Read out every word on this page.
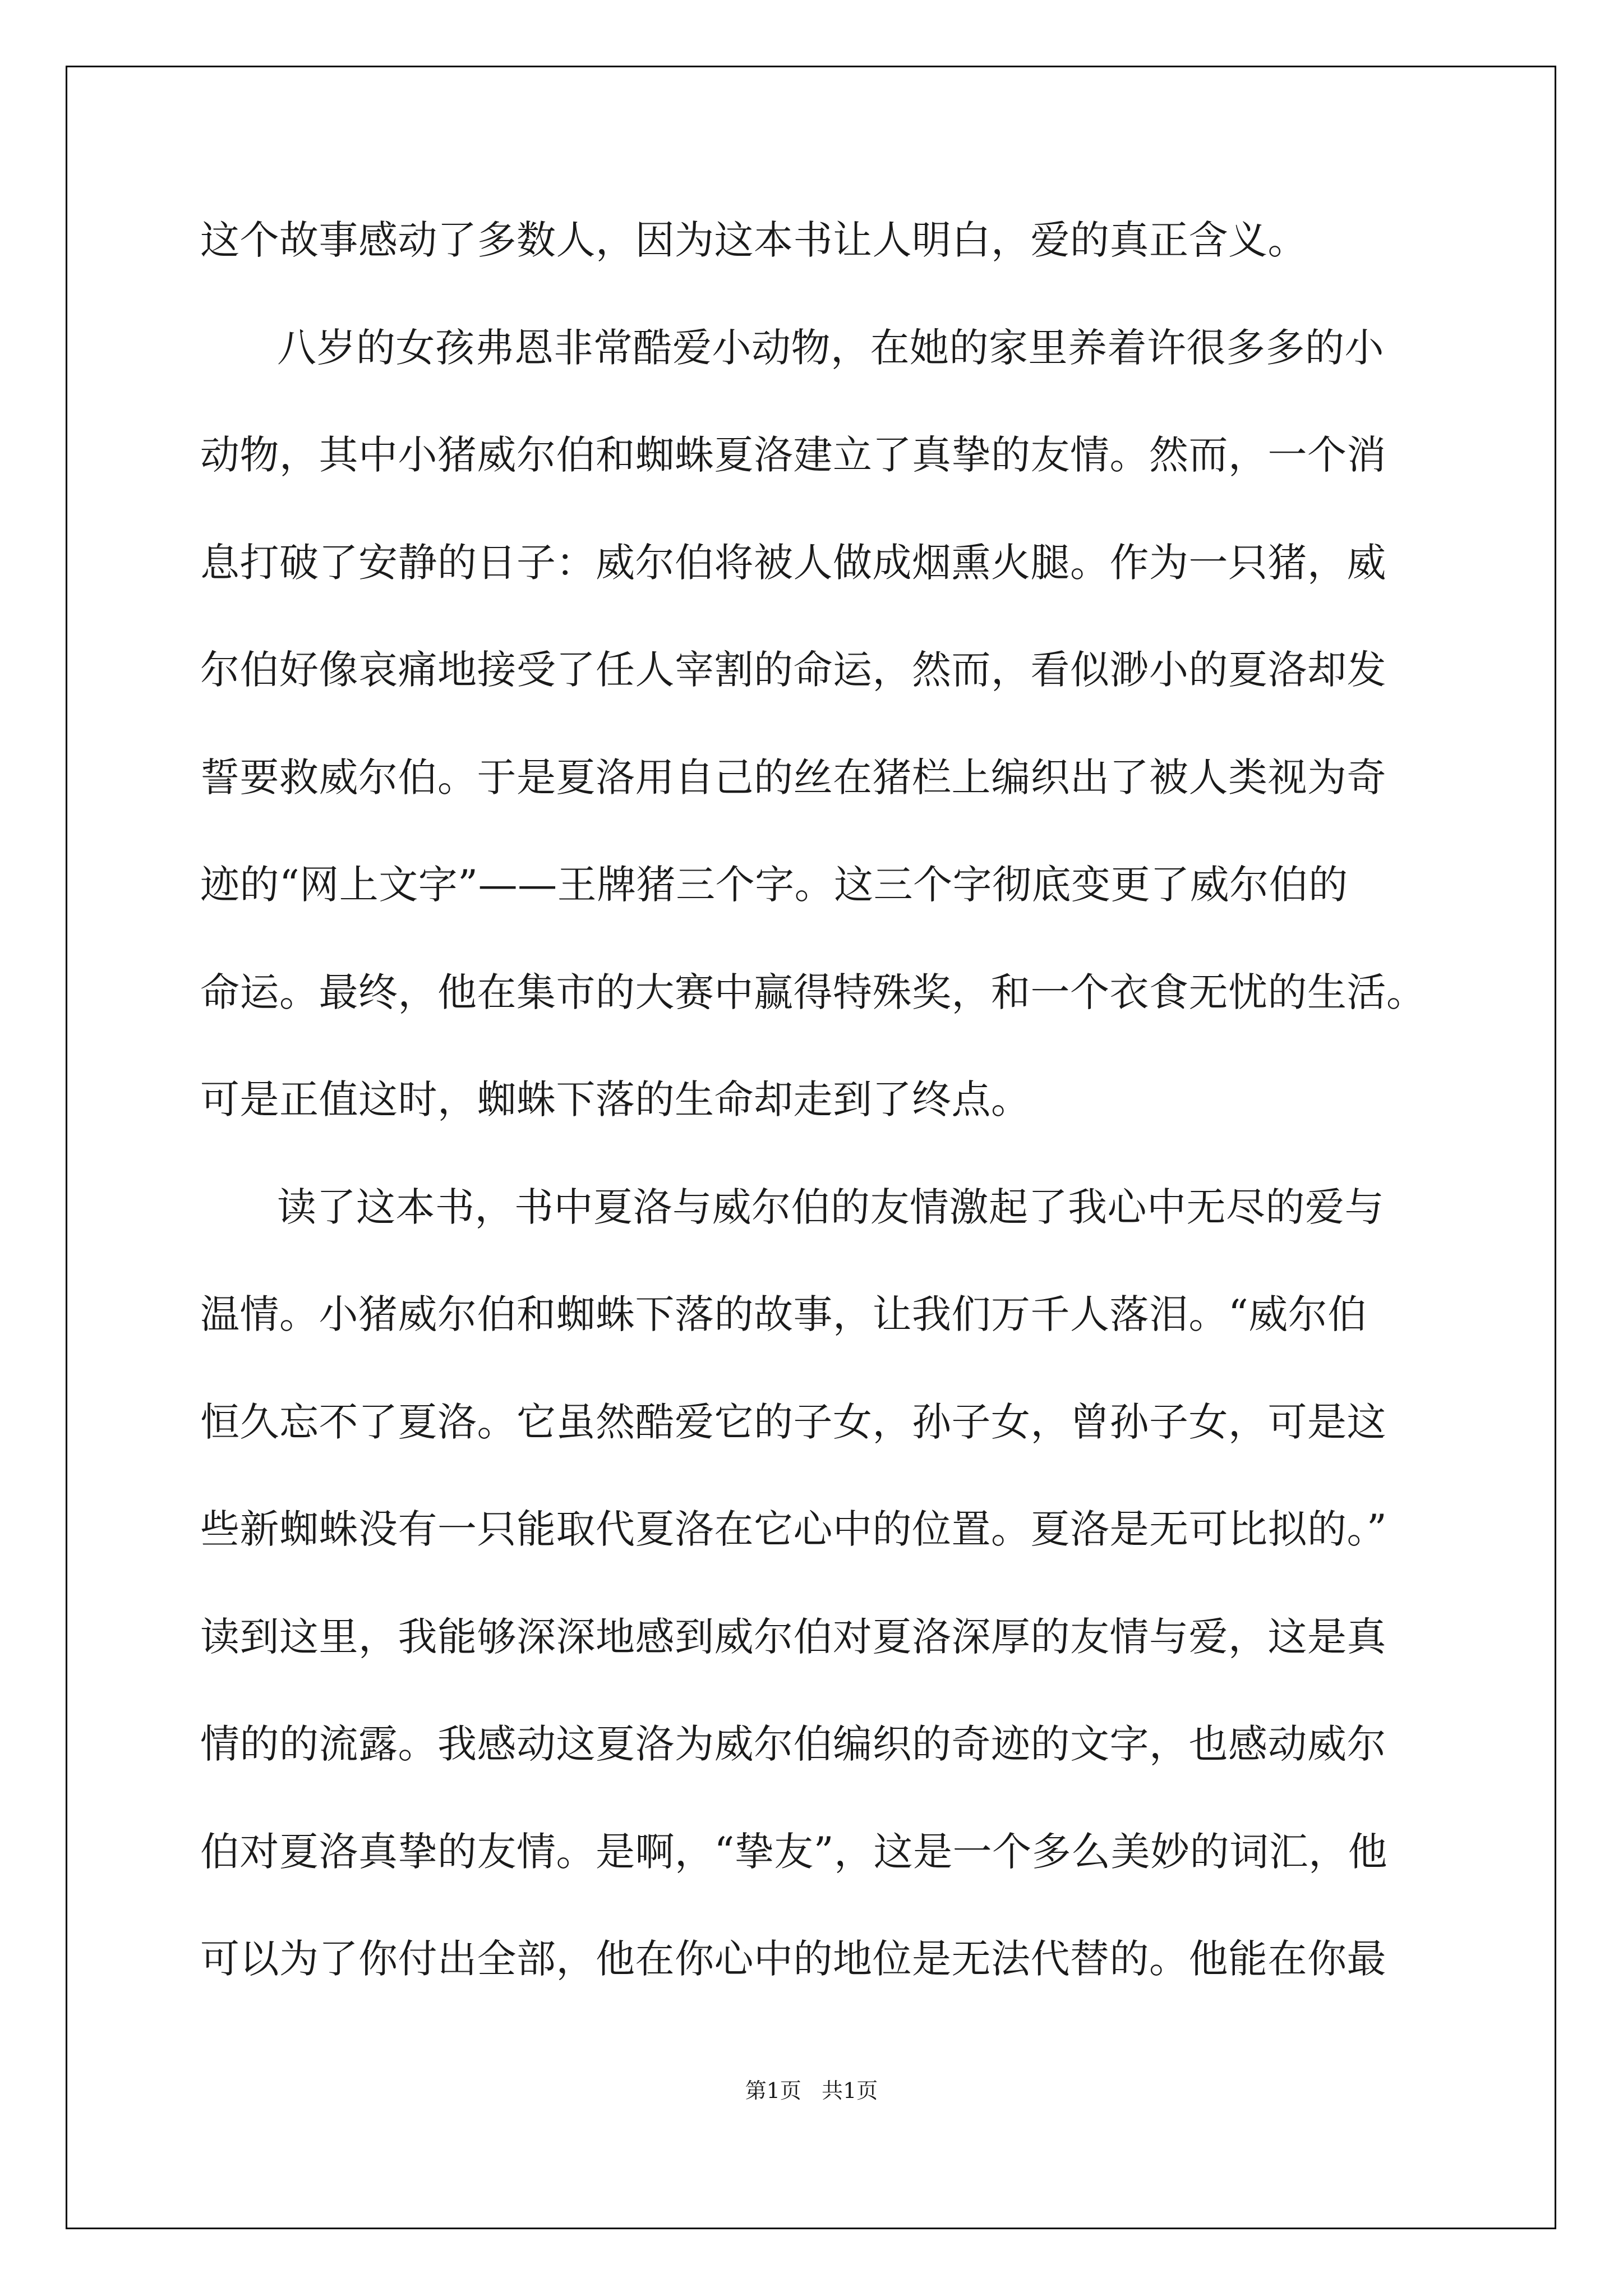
这个故事感动了多数人，因为这本书让人明白，爱的真正含义。

八岁的女孩弗恩非常酷爱小动物，在她的家里养着许很多多的小

动物，其中小猪威尔伯和蜘蛛夏洛建立了真挚的友情。然而，一个消

息打破了安静的日子：威尔伯将被人做成烟熏火腿。作为一只猪，威

尔伯好像哀痛地接受了任人宰割的命运，然而，看似渺小的夏洛却发

誓要救威尔伯。于是夏洛用自己的丝在猪栏上编织出了被人类视为奇

迹的“网上文字”——王牌猪三个字。这三个字彻底变更了威尔伯的

命运。最终，他在集市的大赛中赢得特殊奖，和一个衣食无忧的生活。

可是正值这时，蜘蛛下落的生命却走到了终点。

读了这本书，书中夏洛与威尔伯的友情激起了我心中无尽的爱与

温情。小猪威尔伯和蜘蛛下落的故事，让我们万千人落泪。“威尔伯

恒久忘不了夏洛。它虽然酷爱它的子女，孙子女，曾孙子女，可是这

些新蜘蛛没有一只能取代夏洛在它心中的位置。夏洛是无可比拟的。”

读到这里，我能够深深地感到威尔伯对夏洛深厚的友情与爱，这是真

情的的流露。我感动这夏洛为威尔伯编织的奇迹的文字，也感动威尔

伯对夏洛真挚的友情。是啊，“挚友”，这是一个多么美妙的词汇，他

可以为了你付出全部，他在你心中的地位是无法代替的。他能在你最

第1页 共1页
